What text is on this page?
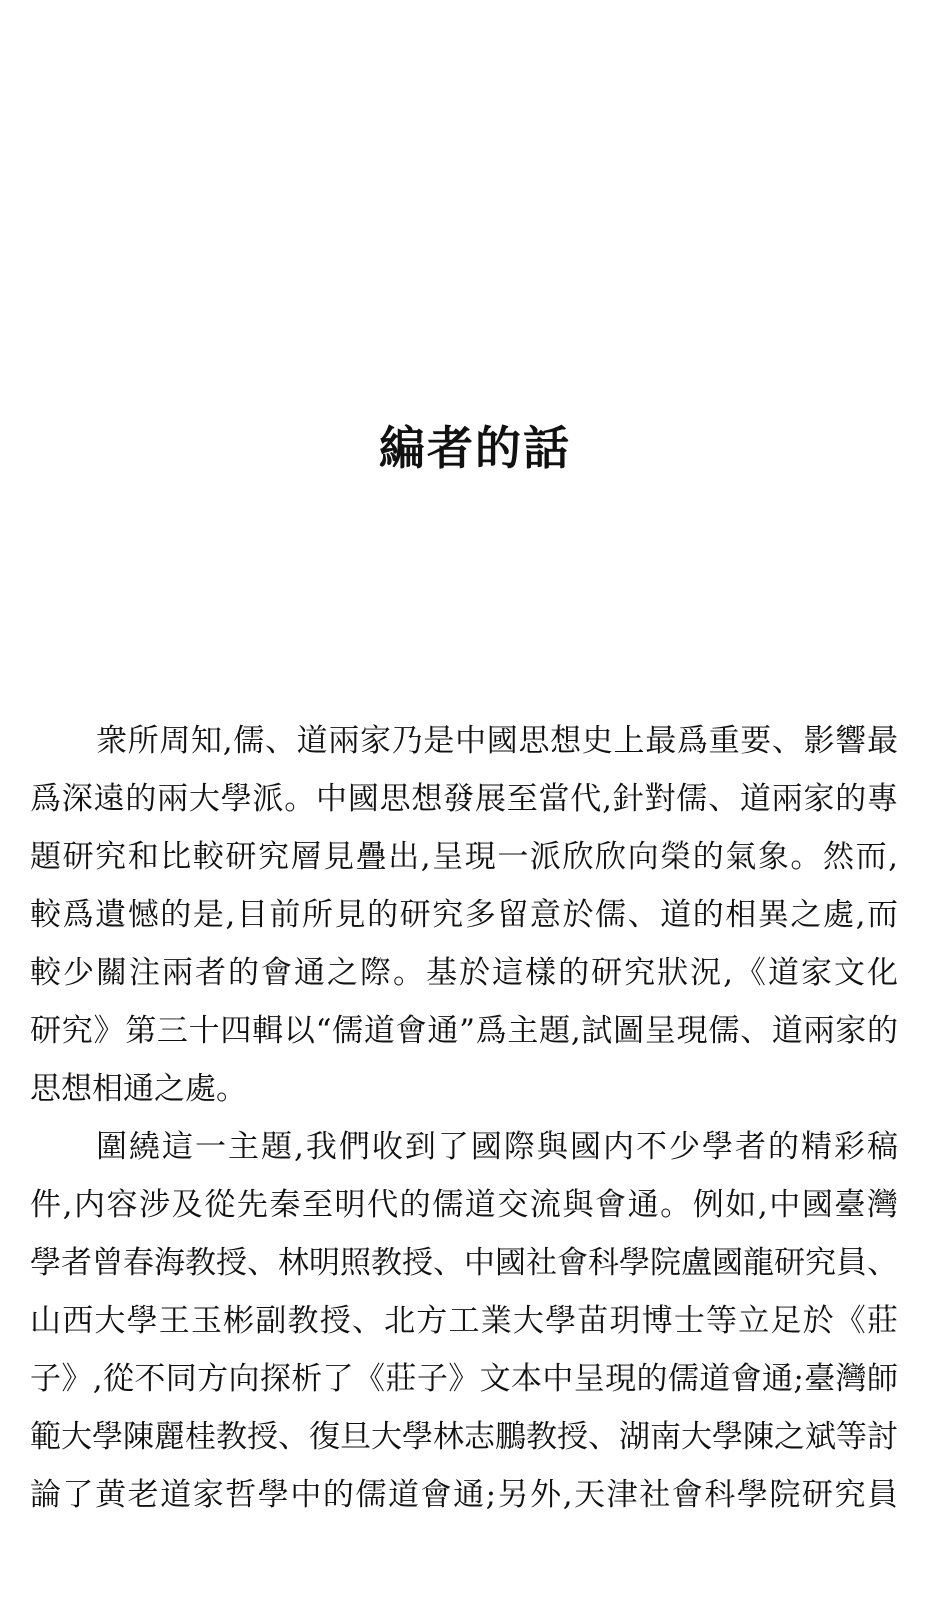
編者的話
衆所周知,儒、道兩家乃是中國思想史上最爲重要、影響最
爲深遠的兩大學派。中國思想發展至當代,針對儒、道兩家的專
題研究和比較研究層見疊出,呈現一派欣欣向榮的氣象。然而,
較爲遺憾的是,目前所見的研究多留意於儒、道的相異之處,而
較少關注兩者的會通之際。基於這樣的研究狀況,《道家文化
研究》第三十四輯以“儒道會通”爲主題,試圖呈現儒、道兩家的
思想相通之處。
圍繞這一主題,我們收到了國際與國内不少學者的精彩稿
件,内容涉及從先秦至明代的儒道交流與會通。例如,中國臺灣
學者曾春海教授、林明照教授、中國社會科學院盧國龍研究員、
山西大學王玉彬副教授、北方工業大學苗玥博士等立足於《莊
子》,從不同方向探析了《莊子》文本中呈現的儒道會通;臺灣師
範大學陳麗桂教授、復旦大學林志鵬教授、湖南大學陳之斌等討
論了黄老道家哲學中的儒道會通;另外,天津社會科學院研究員
